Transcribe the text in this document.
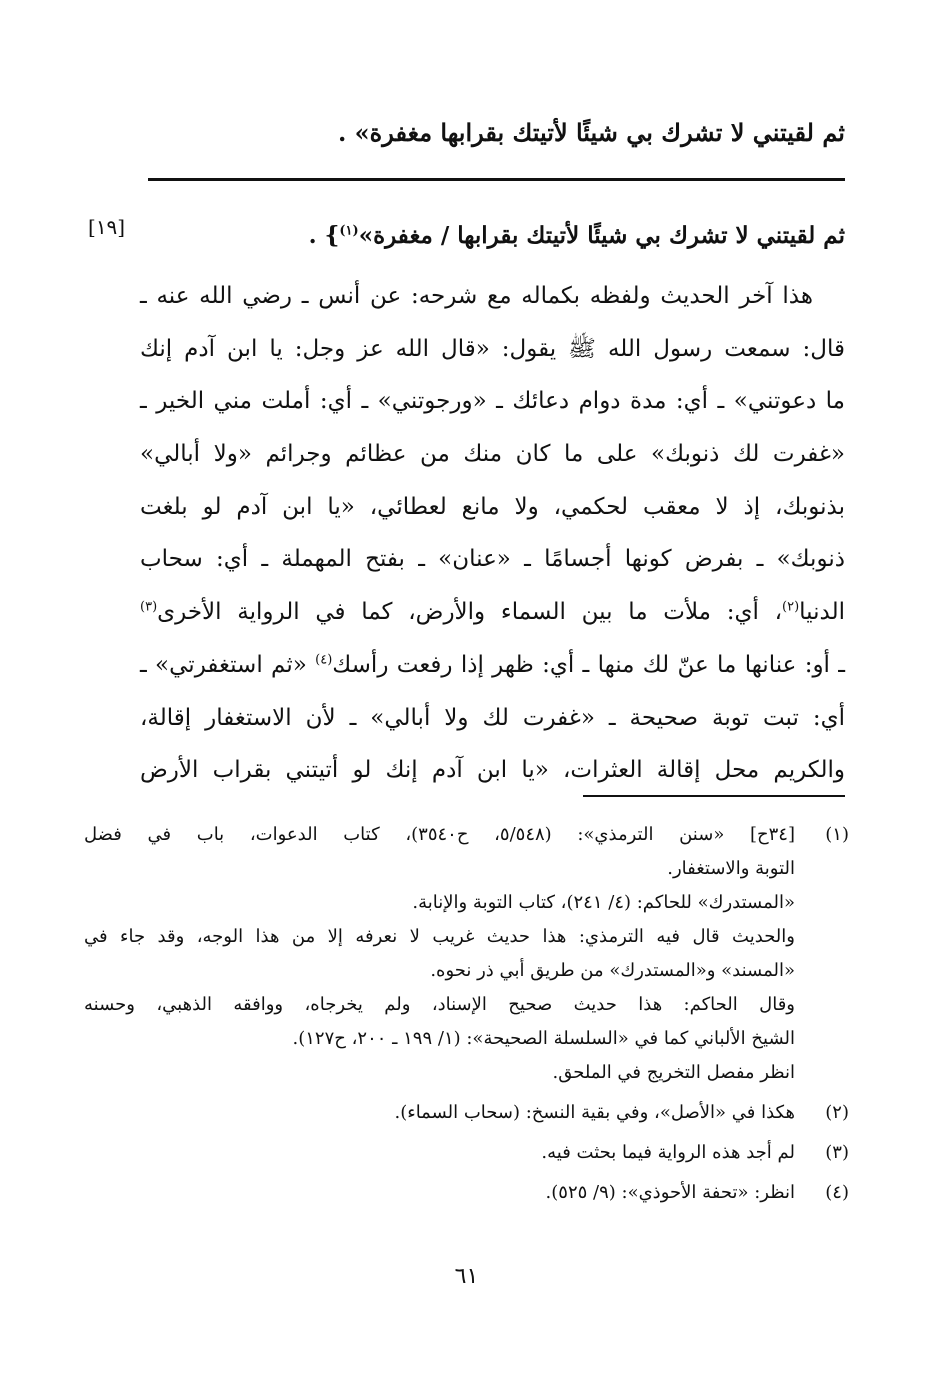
ثم لقيتني لا تشرك بي شيئًا لأتيتك بقرابها مغفرة» .
[١٩]	ثم لقيتني لا تشرك بي شيئًا لأتيتك بقرابها / مغفرة»$^{(١)}$} .
هذا آخر الحديث ولفظه بكماله مع شرحه: عن أنس ـ رضي الله عنه ـ
قال: سمعت رسول الله ﷺ يقول: «قال الله عز وجل: يا ابن آدم إنك
ما دعوتني» ـ أي: مدة دوام دعائك ـ «ورجوتني» ـ أي: أملت مني الخير ـ
«غفرت لك ذنوبك» على ما كان منك من عظائم وجرائم «ولا أبالي»
بذنوبك، إذ لا معقب لحكمي، ولا مانع لعطائي، «يا ابن آدم لو بلغت
ذنوبك» ـ بفرض كونها أجسامًا ـ «عنان» ـ بفتح المهملة ـ أي: سحاب
الدنيا$^{(٢)}$، أي: ملأت ما بين السماء والأرض، كما في الرواية الأخرى$^{(٣)}$
ـ أو: عنانها ما عنّ لك منها ـ أي: ظهر إذا رفعت رأسك$^{(٤)}$ «ثم استغفرتي» ـ
أي: تبت توبة صحيحة ـ «غفرت لك ولا أبالي» ـ لأن الاستغفار إقالة،
والكريم محل إقالة العثرات، «يا ابن آدم إنك لو أتيتني بقراب الأرض
(١)
[٣٤ح] «سنن الترمذي»: (٥/٥٤٨، ح٣٥٤٠)، كتاب الدعوات، باب في فضل
التوبة والاستغفار.
«المستدرك» للحاكم: (٤/ ٢٤١)، كتاب التوبة والإنابة.
والحديث قال فيه الترمذي: هذا حديث غريب لا نعرفه إلا من هذا الوجه، وقد جاء في
«المسند» و«المستدرك» من طريق أبي ذر نحوه.
وقال الحاكم: هذا حديث صحيح الإسناد، ولم يخرجاه، ووافقه الذهبي، وحسنه
الشيخ الألباني كما في «السلسلة الصحيحة»: (١/ ١٩٩ ـ ٢٠٠، ح١٢٧).
انظر مفصل التخريج في الملحق.
(٢)
هكذا في «الأصل»، وفي بقية النسخ: (سحاب السماء).
(٣)
لم أجد هذه الرواية فيما بحثت فيه.
(٤)
انظر: «تحفة الأحوذي»: (٩/ ٥٢٥).
٦١
